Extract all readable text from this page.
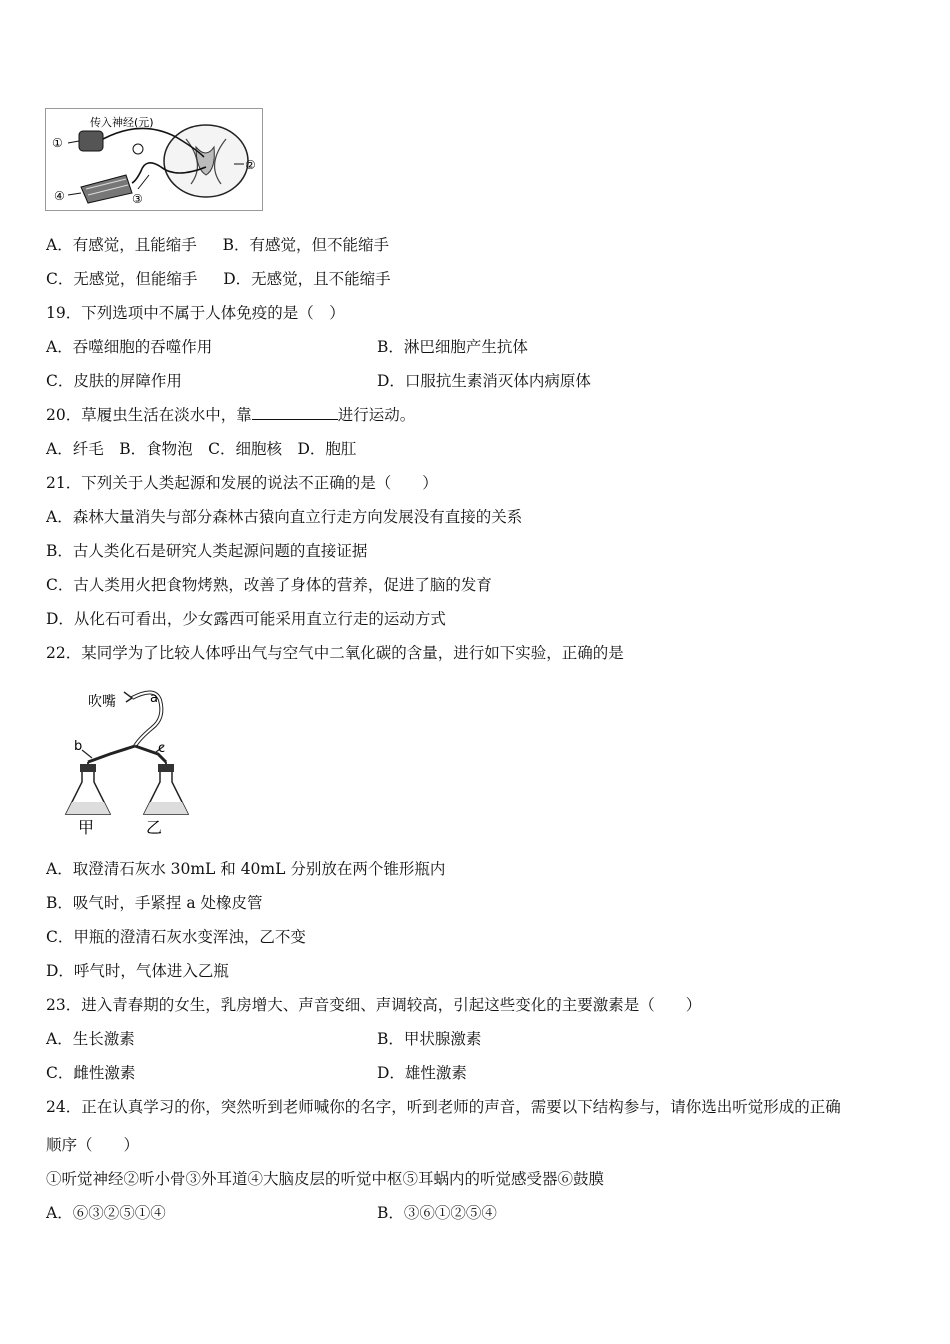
传入神经(元)
①
②
③
④
A．有感觉，且能缩手 B．有感觉，但不能缩手
C．无感觉，但能缩手 D．无感觉，且不能缩手
19．下列选项中不属于人体免疫的是（　）
A．吞噬细胞的吞噬作用	B．淋巴细胞产生抗体
C．皮肤的屏障作用	D．口服抗生素消灭体内病原体
20．草履虫生活在淡水中，靠	进行运动。
A．纤毛　B．食物泡　C．细胞核　D．胞肛
21．下列关于人类起源和发展的说法不正确的是（　　）
A．森林大量消失与部分森林古猿向直立行走方向发展没有直接的关系
B．古人类化石是研究人类起源问题的直接证据
C．古人类用火把食物烤熟，改善了身体的营养，促进了脑的发育
D．从化石可看出，少女露西可能采用直立行走的运动方式
22．某同学为了比较人体呼出气与空气中二氧化碳的含量，进行如下实验，正确的是
吹嘴	a
b	c
甲	乙
A．取澄清石灰水 30mL 和 40mL 分别放在两个锥形瓶内
B．吸气时，手紧捏 a 处橡皮管
C．甲瓶的澄清石灰水变浑浊，乙不变
D．呼气时，气体进入乙瓶
23．进入青春期的女生，乳房增大、声音变细、声调较高，引起这些变化的主要激素是（　　）
A．生长激素	B．甲状腺激素
C．雌性激素	D．雄性激素
24．正在认真学习的你，突然听到老师喊你的名字，听到老师的声音，需要以下结构参与，请你选出听觉形成的正确
顺序（　　）
①听觉神经②听小骨③外耳道④大脑皮层的听觉中枢⑤耳蜗内的听觉感受器⑥鼓膜
A．⑥③②⑤①④	B．③⑥①②⑤④
